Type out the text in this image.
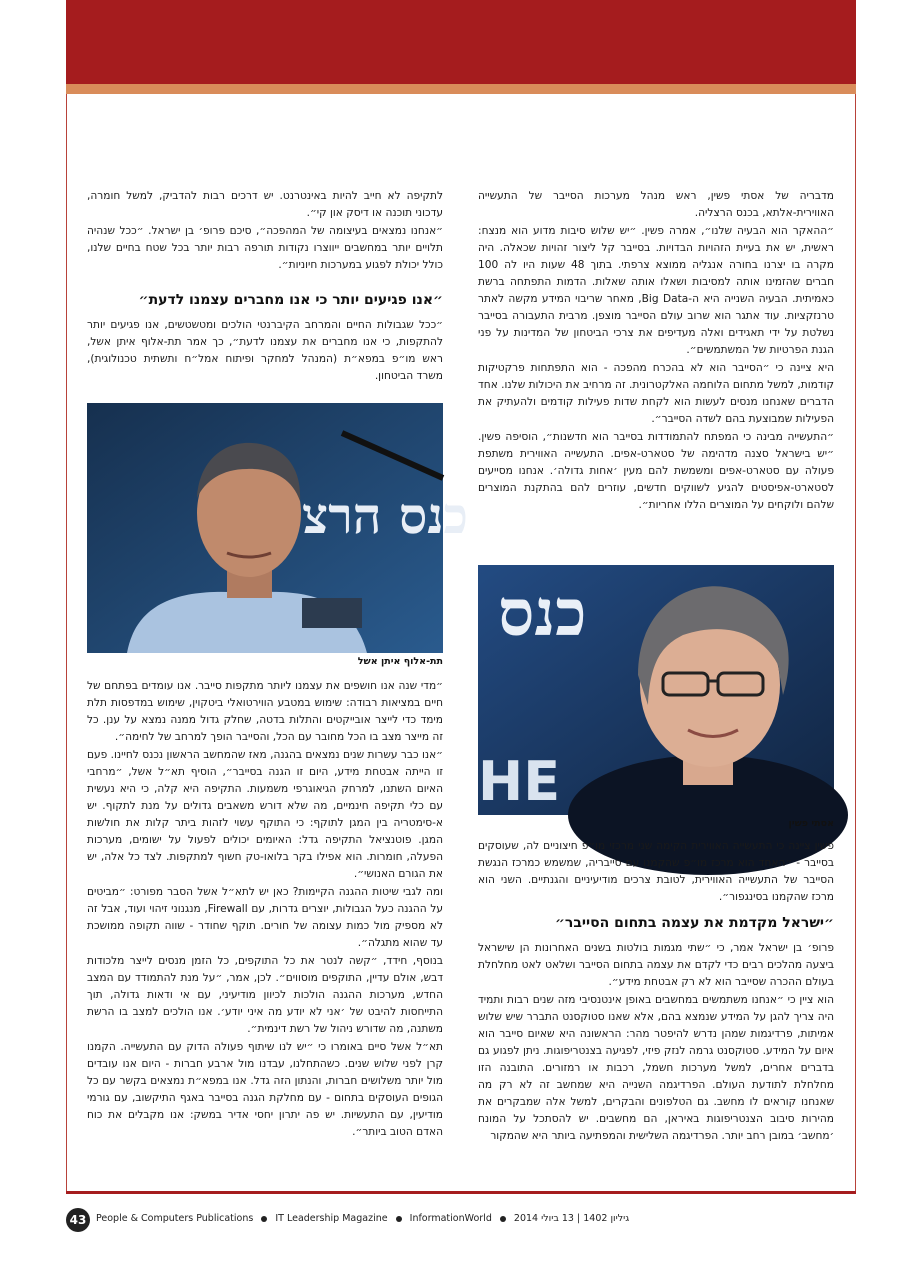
מדבריה של אסתי פשין, ראש מנהל מערכות הסייבר של התעשייה האווירית-אלתא, בכנס הרצליה.

״ההאקר הוא הבעיה שלנו״, אמרה פשין. ״יש שלוש סיבות מדוע הוא מנצח: ראשית, יש את בעיית הזהויות הבדויות. בסייבר קל ליצור זהויות שכאלה. היה מקרה בו יצרנו בחורה אנגליה ממוצא צרפתי. בתוך 48 שעות היו לה 100 חברים שהזמינו אותה למסיבות ושאלו אותה שאלות. הדמות התפתחה ברשת כאמיתית. הבעיה השנייה היא ה-Big Data, מאחר שריבוי המידע מקשה לאתר טרנזקציות. עוד אתגר הוא שרוב עולם הסייבר מוצפן. מרבית התעבורה בסייבר נשלטת על ידי תאגידים ואלה מעדיפים את צרכי הביטחון של המדינות על פני הגנת הפרטיות של המשתמשים״.

היא ציינה כי ״הסייבר הוא לא בהכרח מהפכה - הוא התפתחות פרקטיקות קודמות, למשל מתחום הלוחמה האלקטרונית. זה מרחיב את היכולות שלנו. אחד הדברים שאנחנו מנסים לעשות הוא לקחת שדות פעילות קודמים ולהעתיק את הפעילות שמבוצעת בהם לשדה הסייבר״.

״התעשייה מבינה כי המפתח להתמודדות בסייבר הוא חדשנות״, הוסיפה פשין. ״יש בישראל סצנה מדהימה של סטארט-אפים. התעשייה האווירית משתפת פעולה עם סטארט-אפים ומשמשת להם מעין ׳אחות גדולה׳. אנחנו מסייעים לסטארט-אפיסטים להגיע לשווקים חדשים, עוזרים להם בהתקנת המוצרים שלהם ולוקחים על המוצרים הללו אחריות״.

כנס
HE
אסתי פשין

פשין ציינה כי התעשייה האווירית הקימה שני מרכזי מו״פ חיצוניים לה, שעוסקים בסייבר - ״האחד הוא מרכז מו״פ שהקמנו עם סייבריה, שמשמש כמרכז הנגשת הסייבר של התעשייה האווירית, לטובת צרכים מודיעיניים והגנתיים. השני הוא מרכז שהקמנו בסינגפור״.

״ישראל מקדמת את עצמה בתחום הסייבר״

פרופ׳ בן ישראל אמר, כי ״שתי מגמות בולטות בשנים האחרונות הן שישראל ביצעה מהלכים רבים כדי לקדם את עצמה בתחום הסייבר ושלאט לאט מחלחלת בעולם ההכרה שסייבר הוא לא רק אבטחת מידע״.

הוא ציין כי ״אנחנו משתמשים במחשבים באופן אינטנסיבי מזה שנים רבות ותמיד היה צריך להגן על המידע שנמצא בהם, אלא שאנו סטוקסנט התברר שיש שלוש אמיתות, פרדיגמות שמהן נדרש להיפטר מהר: הראשונה היא שאיום סייבר הוא איום על המידע. סטוקסנט גרמה לנזק פיזי, לפגיעה בצנטריפוגות. ניתן לפגוע גם בדברים אחרים, למשל מערכות חשמל, רכבות או רמזורים. התובנה הזו מחלחלת לתודעת העולם. הפרדיגמה השנייה היא שמחשב זה לא רק מה שאנחנו קוראים לו מחשב. גם הטלפונים והבקרים, למשל אלה שמבקרים את מהירות סיבוב הצנטריפוגות באיראן, הם מחשבים. יש להסתכל על המונח ׳מחשב׳ במובן רחב יותר. הפרדיגמה השלישית והמפתיעה ביותר היא שהמקור

לתקיפה לא חייב להיות באינטרנט. יש דרכים רבות להדביק, למשל חומרה, עדכוני תוכנה או דיסק און קי״.

״אנחנו נמצאים בעיצומה של המהפכה״, סיכם פרופ׳ בן ישראל. ״ככל שנהיה תלויים יותר במחשבים ייווצרו נקודות תורפה רבות יותר בכל שטח בחיים שלנו, כולל יכולת לפגוע במערכות חיוניות״.

״אנו פגיעים יותר כי אנו מחברים עצמנו לדעת״

״ככל שגבולות החיים והמרחב הקיברנטי הולכים ומטשטשים, אנו פגיעים יותר להתקפות, כי אנו מחברים את עצמנו לדעת״, כך אמר תת-אלוף איתן אשל, ראש מו״פ במפא״ת (המנהל למחקר ופיתוח אמל״ח ותשתית טכנולוגית), משרד הביטחון.

כנס הרצ
תת-אלוף איתן אשל

״מדי שנה אנו חושפים את עצמנו ליותר מתקפות סייבר. אנו עומדים בפתחם של חיים במציאות רבודה: שימוש במטבע הווירטואלי ביטקוין, שימוש במדפסות תלת מימד כדי לייצר אובייקטים והתלות בדטה, שחלק גדול ממנה נמצא על ענן. כל זה מייצר מצב בו הכל מחובר עם הכל, והסייבר הופך למרחב של לחימה״.

״אנו כבר עשרות שנים נמצאים בהגנה, מאז שהמחשב הראשון נכנס לחיינו. פעם זו הייתה אבטחת מידע, היום זו הגנה בסייבר״, הוסיף תא״ל אשל, ״מרחבי האיום השתנו, למרחק הגיאוגרפי משמעות. התקיפה היא קלה, כי היא נעשית עם כלי תקיפה חינמיים, מה שלא דורש משאבים גדולים על מנת לתקוף. יש א-סימטריה בין המגן לתוקף: כי התוקף עשוי לזהות ביתר קלות את חולשות המגן. פוטנציאל התקיפה גדל: האיומים יכולים לפעול על ישומים, מערכות הפעלה, חומרות. הוא אפילו בקר בלואו-טק חשוף למתקפות. לצד כל אלה, יש את הגורם האנושי״.

ומה לגבי שיטות ההגנה הקיימות? כאן יש לתא״ל אשל הסבר מפורט: ״מביטים על ההגנה כעל הגבולות, יוצרים גדרות, עם Firewall, מנגנוני זיהוי ועוד, אבל זה לא מספיק מול כמות עצומה של חורים. תוקף שחודר - שווה תקופה ממושכת עד שהוא מתגלה״.

בנוסף, חידד, ״קשה לנטר את כל התוקפים, כל הזמן מנסים לייצר מלכודות דבש, אולם עדיין, התוקפים מוסווים״. לכן, אמר, ״על מנת להתמודד עם המצב החדש, מערכות ההגנה הולכות לכיוון מודיעיני, עם אי ודאות גדולה, תוך התייחסות להיבט של ׳אני לא יודע מה איני יודע׳. אנו הולכים למצב בו הרשת משתנה, מה שדורש ניהול של רשת דינמית״.

תא״ל אשל סיים באומרו כי ״יש לנו שיתוף פעולה הדוק עם התעשייה. הקמנו קרן לפני שלוש שנים. כשהתחלנו, עבדנו מול ארבע חברות - היום אנו עובדים מול יותר משלושים חברות, והנתון הזה גדל. אנו במפא״ת נמצאים בקשר עם כל הגופים העוסקים בתחום - עם מחלקת הגנה בסייבר באגף התיקשוב, עם גורמי מודיעין, עם התעשיות. יש פה יתרון יחסי אדיר במשק: אנו מקבלים את כוח האדם הטוב ביותר״.

43	People & Computers Publications IT Leadership Magazine InformationWorld גיליון 1402 | 13 ביולי 2014
